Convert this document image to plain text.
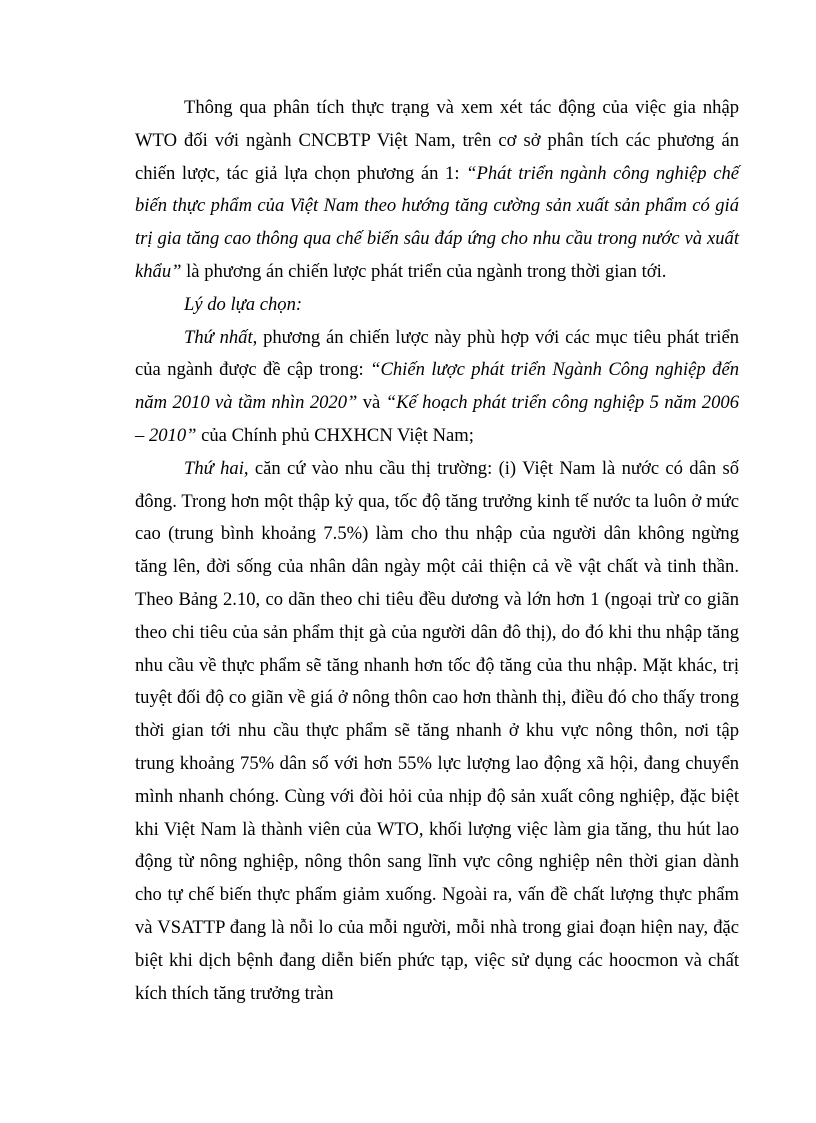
Thông qua phân tích thực trạng và xem xét tác động của việc gia nhập WTO đối với ngành CNCBTP Việt Nam, trên cơ sở phân tích các phương án chiến lược, tác giả lựa chọn phương án 1: “Phát triển ngành công nghiệp chế biến thực phẩm của Việt Nam theo hướng tăng cường sản xuất sản phẩm có giá trị gia tăng cao thông qua chế biến sâu đáp ứng cho nhu cầu trong nước và xuất khẩu” là phương án chiến lược phát triển của ngành trong thời gian tới.

Lý do lựa chọn:

Thứ nhất, phương án chiến lược này phù hợp với các mục tiêu phát triển của ngành được đề cập trong: “Chiến lược phát triển Ngành Công nghiệp đến năm 2010 và tầm nhìn 2020” và “Kế hoạch phát triển công nghiệp 5 năm 2006 – 2010” của Chính phủ CHXHCN Việt Nam;

Thứ hai, căn cứ vào nhu cầu thị trường: (i) Việt Nam là nước có dân số đông. Trong hơn một thập kỷ qua, tốc độ tăng trưởng kinh tế nước ta luôn ở mức cao (trung bình khoảng 7.5%) làm cho thu nhập của người dân không ngừng tăng lên, đời sống của nhân dân ngày một cải thiện cả về vật chất và tinh thần. Theo Bảng 2.10, co dãn theo chi tiêu đều dương và lớn hơn 1 (ngoại trừ co giãn theo chi tiêu của sản phẩm thịt gà của người dân đô thị), do đó khi thu nhập tăng nhu cầu về thực phẩm sẽ tăng nhanh hơn tốc độ tăng của thu nhập. Mặt khác, trị tuyệt đối độ co giãn về giá ở nông thôn cao hơn thành thị, điều đó cho thấy trong thời gian tới nhu cầu thực phẩm sẽ tăng nhanh ở khu vực nông thôn, nơi tập trung khoảng 75% dân số với hơn 55% lực lượng lao động xã hội, đang chuyển mình nhanh chóng. Cùng với đòi hỏi của nhịp độ sản xuất công nghiệp, đặc biệt khi Việt Nam là thành viên của WTO, khối lượng việc làm gia tăng, thu hút lao động từ nông nghiệp, nông thôn sang lĩnh vực công nghiệp nên thời gian dành cho tự chế biến thực phẩm giảm xuống. Ngoài ra, vấn đề chất lượng thực phẩm và VSATTP đang là nỗi lo của mỗi người, mỗi nhà trong giai đoạn hiện nay, đặc biệt khi dịch bệnh đang diễn biến phức tạp, việc sử dụng các hoocmon và chất kích thích tăng trưởng tràn
